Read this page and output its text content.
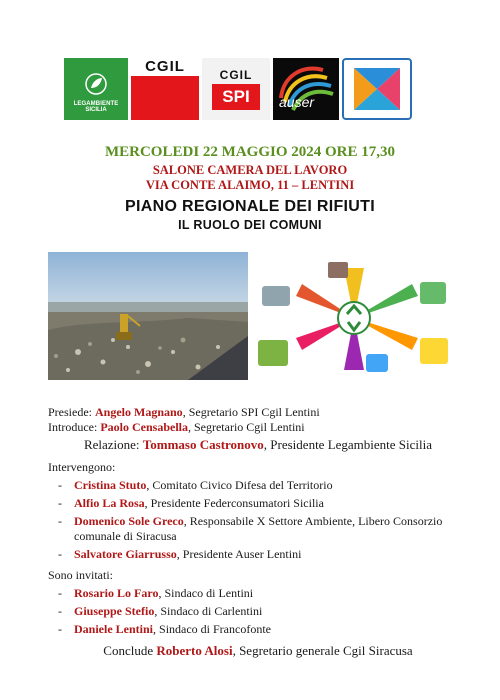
LEGAMBIENTE
SICILIA
CGIL	CGIL
SPI	auser
MERCOLEDI 22 MAGGIO 2024 ORE 17,30
SALONE CAMERA DEL LAVORO
VIA CONTE ALAIMO, 11 – LENTINI
PIANO REGIONALE DEI RIFIUTI
IL RUOLO DEI COMUNI
Presiede: Angelo Magnano, Segretario SPI Cgil Lentini
Introduce: Paolo Censabella, Segretario Cgil Lentini
Relazione: Tommaso Castronovo, Presidente Legambiente Sicilia
Intervengono:
- Cristina Stuto, Comitato Civico Difesa del Territorio
- Alfio La Rosa, Presidente Federconsumatori Sicilia
- Domenico Sole Greco, Responsabile X Settore Ambiente, Libero Consorzio comunale di Siracusa
- Salvatore Giarrusso, Presidente Auser Lentini
Sono invitati:
- Rosario Lo Faro, Sindaco di Lentini
- Giuseppe Stefio, Sindaco di Carlentini
- Daniele Lentini, Sindaco di Francofonte
Conclude Roberto Alosi, Segretario generale Cgil Siracusa
